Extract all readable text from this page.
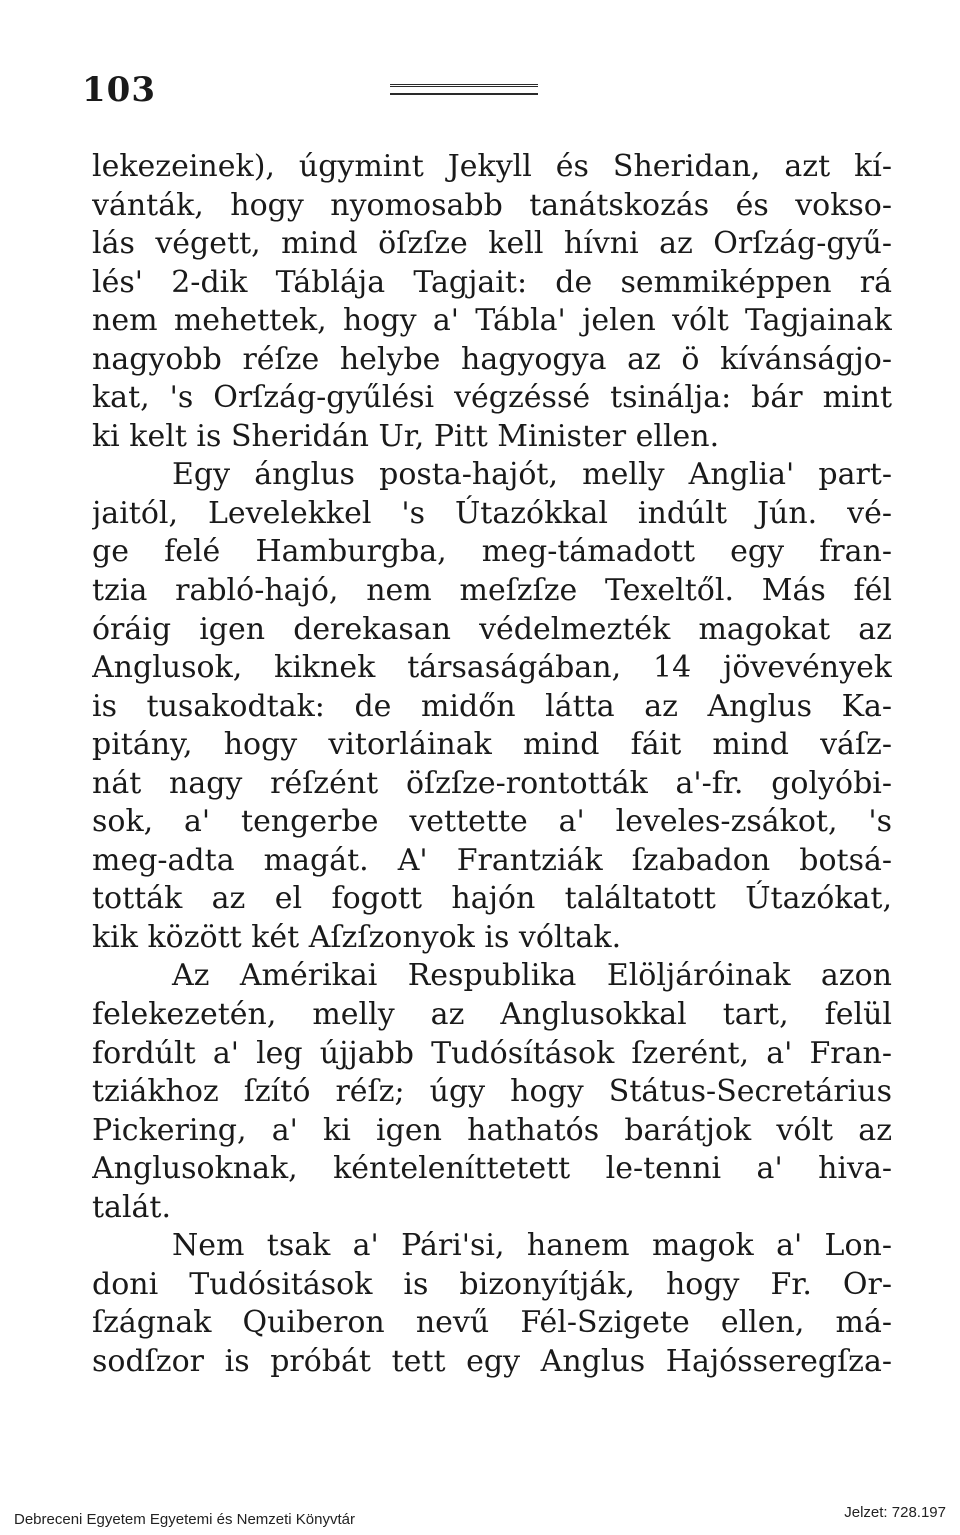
103
lekezeinek), úgymint Jekyll és Sheridan, azt kí-
vánták, hogy nyomosabb tanátskozás és vokso-
lás végett, mind öſzſze kell hívni az Orſzág-gyű-
lés' 2-dik Táblája Tagjait: de semmiképpen rá
nem mehettek, hogy a' Tábla' jelen vólt Tagjainak
nagyobb réſze helybe hagyogya az ö kívánságjo-
kat, 's Orſzág-gyűlési végzéssé tsinálja: bár mint
ki kelt is Sheridán Ur, Pitt Minister ellen.
Egy ánglus posta-hajót, melly Anglia' part-
jaitól, Levelekkel 's Útazókkal indúlt Jún. vé-
ge felé Hamburgba, meg-támadott egy fran-
tzia rabló-hajó, nem meſzſze Texeltől. Más fél
óráig igen derekasan védelmezték magokat az
Anglusok, kiknek társaságában, 14 jövevények
is tusakodtak: de midőn látta az Anglus Ka-
pitány, hogy vitorláinak mind fáit mind váſz-
nát nagy réſzént öſzſze-rontották a'-fr. golyóbi-
sok, a' tengerbe vettette a' leveles-zsákot, 's
meg-adta magát. A' Frantziák ſzabadon botsá-
tották az el fogott hajón találtatott Útazókat,
kik között két Aſzſzonyok is vóltak.
Az Amérikai Respublika Elöljáróinak azon
felekezetén, melly az Anglusokkal tart, felül
fordúlt a' leg újjabb Tudósítások ſzerént, a' Fran-
tziákhoz ſzító réſz; úgy hogy Státus-Secretárius
Pickering, a' ki igen hathatós barátjok vólt az
Anglusoknak, kénteleníttetett le-tenni a' hiva-
talát.
Nem tsak a' Pári'si, hanem magok a' Lon-
doni Tudósitások is bizonyítják, hogy Fr. Or-
ſzágnak Quiberon nevű Fél-Szigete ellen, má-
sodſzor is próbát tett egy Anglus Hajósseregſza-
Debreceni Egyetem Egyetemi és Nemzeti Könyvtár	Jelzet: 728.197
